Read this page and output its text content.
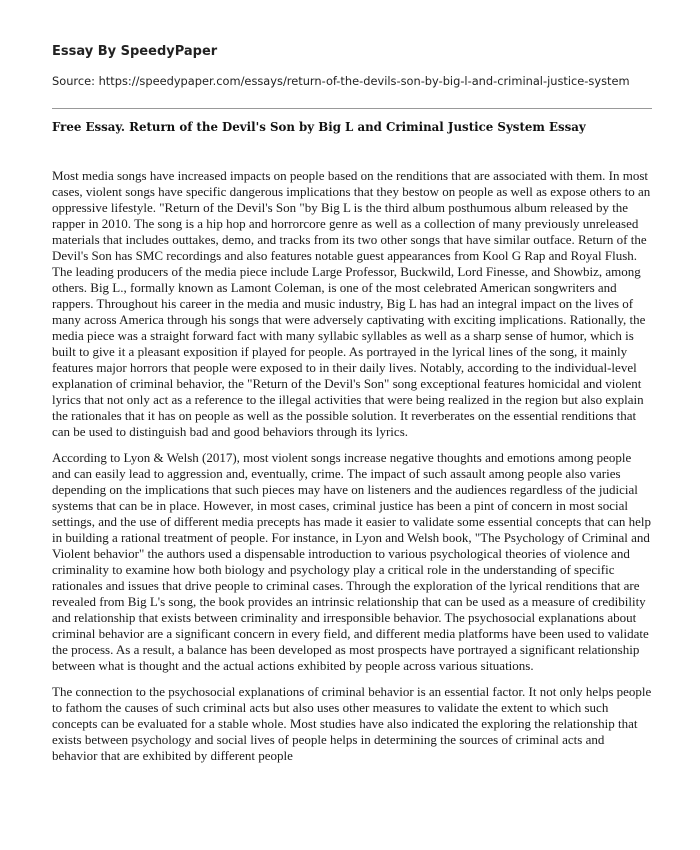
Essay By SpeedyPaper
Source: https://speedypaper.com/essays/return-of-the-devils-son-by-big-l-and-criminal-justice-system
Free Essay. Return of the Devil's Son by Big L and Criminal Justice System Essay

Most media songs have increased impacts on people based on the renditions that are associated with them. In most cases, violent songs have specific dangerous implications that they bestow on people as well as expose others to an oppressive lifestyle. "Return of the Devil's Son "by Big L is the third album posthumous album released by the rapper in 2010. The song is a hip hop and horrorcore genre as well as a collection of many previously unreleased materials that includes outtakes, demo, and tracks from its two other songs that have similar outface. Return of the Devil's Son has SMC recordings and also features notable guest appearances from Kool G Rap and Royal Flush. The leading producers of the media piece include Large Professor, Buckwild, Lord Finesse, and Showbiz, among others. Big L., formally known as Lamont Coleman, is one of the most celebrated American songwriters and rappers. Throughout his career in the media and music industry, Big L has had an integral impact on the lives of many across America through his songs that were adversely captivating with exciting implications. Rationally, the media piece was a straight forward fact with many syllabic syllables as well as a sharp sense of humor, which is built to give it a pleasant exposition if played for people. As portrayed in the lyrical lines of the song, it mainly features major horrors that people were exposed to in their daily lives. Notably, according to the individual-level explanation of criminal behavior, the "Return of the Devil's Son" song exceptional features homicidal and violent lyrics that not only act as a reference to the illegal activities that were being realized in the region but also explain the rationales that it has on people as well as the possible solution. It reverberates on the essential renditions that can be used to distinguish bad and good behaviors through its lyrics.

According to Lyon & Welsh (2017), most violent songs increase negative thoughts and emotions among people and can easily lead to aggression and, eventually, crime. The impact of such assault among people also varies depending on the implications that such pieces may have on listeners and the audiences regardless of the judicial systems that can be in place. However, in most cases, criminal justice has been a pint of concern in most social settings, and the use of different media precepts has made it easier to validate some essential concepts that can help in building a rational treatment of people. For instance, in Lyon and Welsh book, "The Psychology of Criminal and Violent behavior" the authors used a dispensable introduction to various psychological theories of violence and criminality to examine how both biology and psychology play a critical role in the understanding of specific rationales and issues that drive people to criminal cases. Through the exploration of the lyrical renditions that are revealed from Big L's song, the book provides an intrinsic relationship that can be used as a measure of credibility and relationship that exists between criminality and irresponsible behavior. The psychosocial explanations about criminal behavior are a significant concern in every field, and different media platforms have been used to validate the process. As a result, a balance has been developed as most prospects have portrayed a significant relationship between what is thought and the actual actions exhibited by people across various situations.

The connection to the psychosocial explanations of criminal behavior is an essential factor. It not only helps people to fathom the causes of such criminal acts but also uses other measures to validate the extent to which such concepts can be evaluated for a stable whole. Most studies have also indicated the exploring the relationship that exists between psychology and social lives of people helps in determining the sources of criminal acts and behavior that are exhibited by different people
